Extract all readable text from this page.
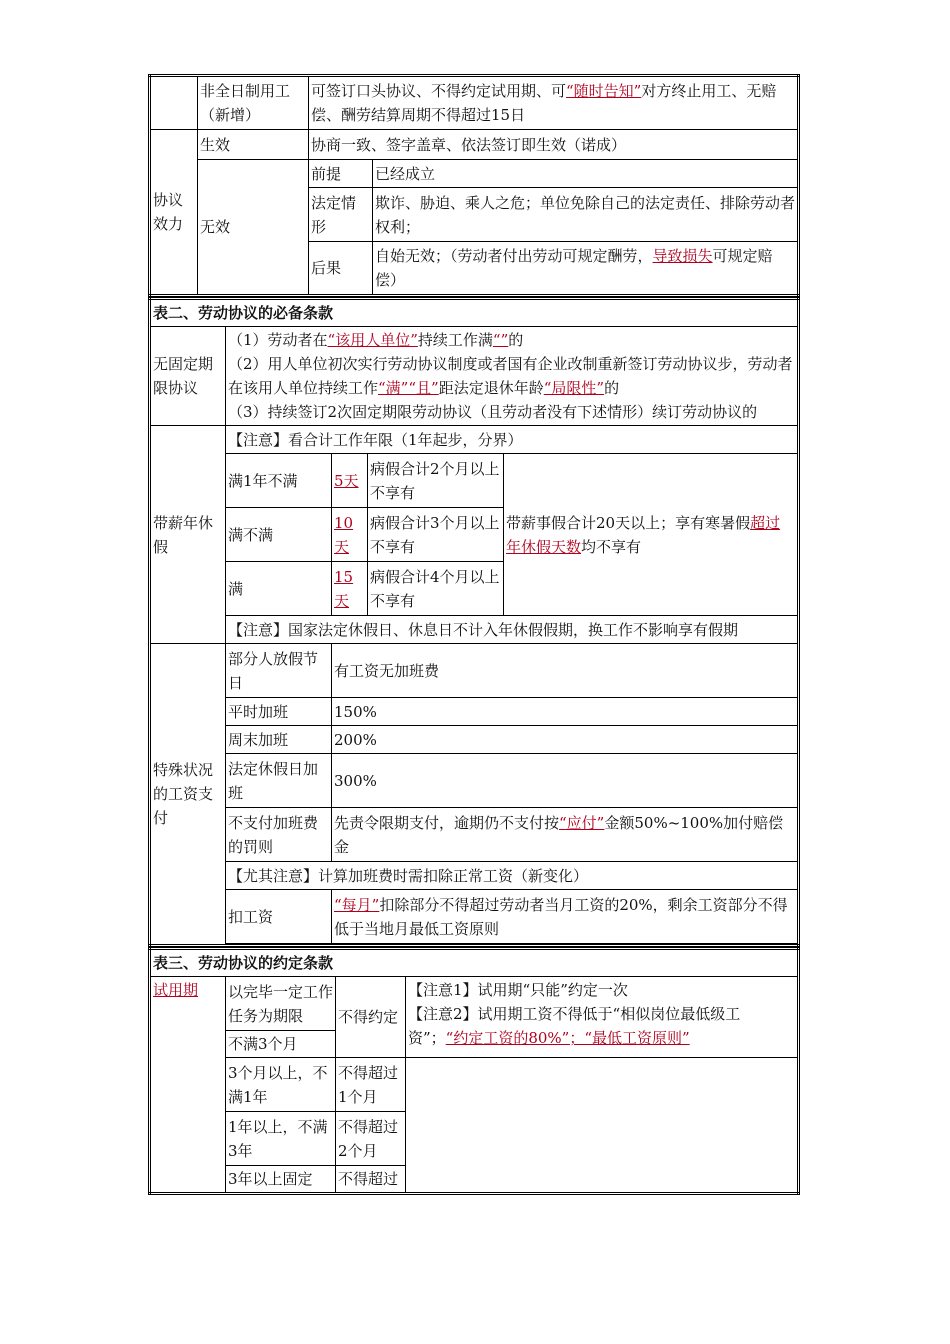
	非全日制用工（新增）	可签订口头协议、不得约定试用期、可“随时告知”对方终止用工、无赔偿、酬劳结算周期不得超过15日	
协议效力	生效	协商一致、签字盖章、依法签订即生效（诺成）	
	无效	前提	已经成立
		法定情形	欺诈、胁迫、乘人之危；单位免除自己的法定责任、排除劳动者权利；
		后果	自始无效；（劳动者付出劳动可规定酬劳，导致损失可规定赔偿）
表二、劳动协议的必备条款				
无固定期限协议	（1）劳动者在“该用人单位”持续工作满“”的
（2）用人单位初次实行劳动协议制度或者国有企业改制重新签订劳动协议步，劳动者在该用人单位持续工作“满”“且”距法定退休年龄“局限性”的
（3）持续签订2次固定期限劳动协议（且劳动者没有下述情形）续订劳动协议的			

带薪年休假	【注意】看合计工作年限（1年起步，分界）			
	满1年不满	5天	病假合计2个月以上不享有	带薪事假合计20天以上；享有寒暑假超过年休假天数均不享有
	满不满	10天	病假合计3个月以上不享有	
	满	15天	病假合计4个月以上不享有	
	【注意】国家法定休假日、休息日不计入年休假假期，换工作不影响享有假期			
特殊状况的工资支付	部分人放假节日	有工资无加班费		
	平时加班	150%		
	周末加班	200%		
	法定休假日加班	300%		
	不支付加班费的罚则	先责令限期支付，逾期仍不支付按“应付”金额50%~100%加付赔偿金		
	【尤其注意】计算加班费时需扣除正常工资（新变化）			
	扣工资	“每月”扣除部分不得超过劳动者当月工资的20%，剩余工资部分不得低于当地月最低工资原则		

表三、劳动协议的约定条款			
试用期	以完毕一定工作任务为期限	不得约定	【注意1】试用期“只能”约定一次
【注意2】试用期工资不得低于“相似岗位最低级工资”；“约定工资的80%”；“最低工资原则”

	不满3个月		
	3个月以上，不满1年	不得超过1个月	
	1年以上，不满3年	不得超过2个月	
	3年以上固定	不得超过	
